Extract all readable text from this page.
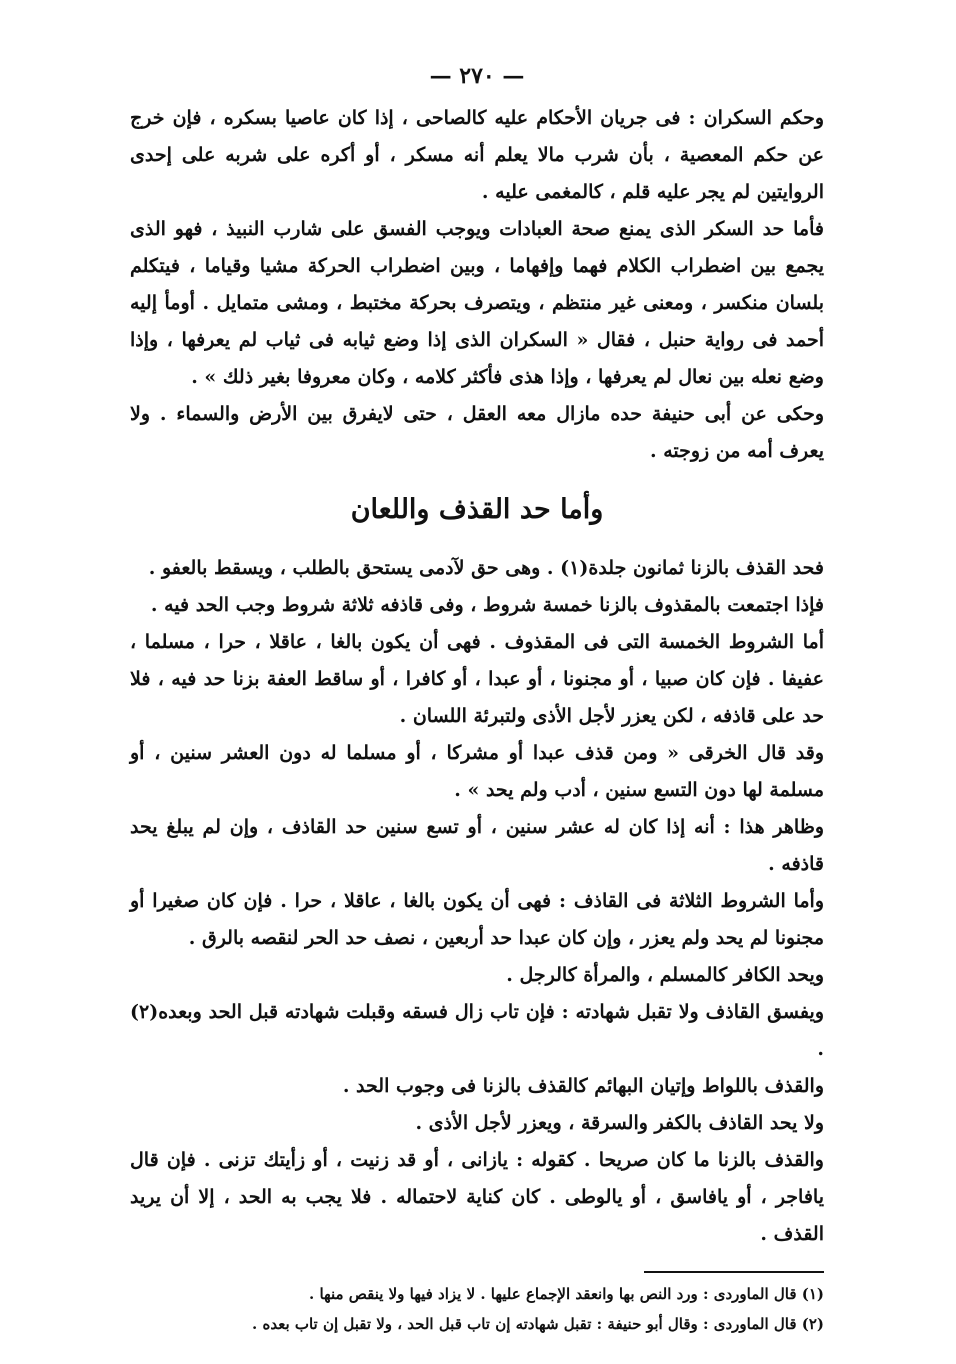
— ٢٧٠ —

وحكم السكران : فى جريان الأحكام عليه كالصاحى ، إذا كان عاصيا بسكره ، فإن خرج عن حكم المعصية ، بأن شرب مالا يعلم أنه مسكر ، أو أكره على شربه على إحدى الروايتين لم يجر عليه قلم ، كالمغمى عليه .

فأما حد السكر الذى يمنع صحة العبادات ويوجب الفسق على شارب النبيذ ، فهو الذى يجمع بين اضطراب الكلام فهما وإفهاما ، وبين اضطراب الحركة مشيا وقياما ، فيتكلم بلسان منكسر ، ومعنى غير منتظم ، ويتصرف بحركة مختبط ، ومشى متمايل . أومأ إليه أحمد فى رواية حنبل ، فقال « السكران الذى إذا وضع ثيابه فى ثياب لم يعرفها ، وإذا وضع نعله بين نعال لم يعرفها ، وإذا هذى فأكثر كلامه ، وكان معروفا بغير ذلك » .

وحكى عن أبى حنيفة حده مازال معه العقل ، حتى لايفرق بين الأرض والسماء . ولا يعرف أمه من زوجته .

وأما حد القذف واللعان

فحد القذف بالزنا ثمانون جلدة(١) . وهى حق لآدمى يستحق بالطلب ، ويسقط بالعفو .

فإذا اجتمعت بالمقذوف بالزنا خمسة شروط ، وفى قاذفه ثلاثة شروط وجب الحد فيه .

أما الشروط الخمسة التى فى المقذوف . فهى أن يكون بالغا ، عاقلا ، حرا ، مسلما ، عفيفا . فإن كان صبيا ، أو مجنونا ، أو عبدا ، أو كافرا ، أو ساقط العفة بزنا حد فيه ، فلا حد على قاذفه ، لكن يعزر لأجل الأذى ولتبرئة اللسان .

وقد قال الخرقى « ومن قذف عبدا أو مشركا ، أو مسلما له دون العشر سنين ، أو مسلمة لها دون التسع سنين ، أدب ولم يحد » .

وظاهر هذا : أنه إذا كان له عشر سنين ، أو تسع سنين حد القاذف ، وإن لم يبلغ يحد قاذفه .

وأما الشروط الثلاثة فى القاذف : فهى أن يكون بالغا ، عاقلا ، حرا . فإن كان صغيرا أو مجنونا لم يحد ولم يعزر ، وإن كان عبدا حد أربعين ، نصف حد الحر لنقصه بالرق .

ويحد الكافر كالمسلم ، والمرأة كالرجل .

ويفسق القاذف ولا تقبل شهادته : فإن تاب زال فسقه وقبلت شهادته قبل الحد وبعده(٢) .

والقذف باللواط وإتيان البهائم كالقذف بالزنا فى وجوب الحد .

ولا يحد القاذف بالكفر والسرقة ، ويعزر لأجل الأذى .

والقذف بالزنا ما كان صريحا . كقوله : يازانى ، أو قد زنيت ، أو زأيتك تزنى . فإن قال يافاجر ، أو يافاسق ، أو يالوطى . كان كناية لاحتماله . فلا يجب به الحد ، إلا أن يريد القذف .

(١) قال الماوردى : ورد النص بها وانعقد الإجماع عليها . لا يزاد فيها ولا ينقص منها .

(٢) قال الماوردى : وقال أبو حنيفة : تقبل شهادته إن تاب قبل الحد ، ولا تقبل إن تاب بعده .
